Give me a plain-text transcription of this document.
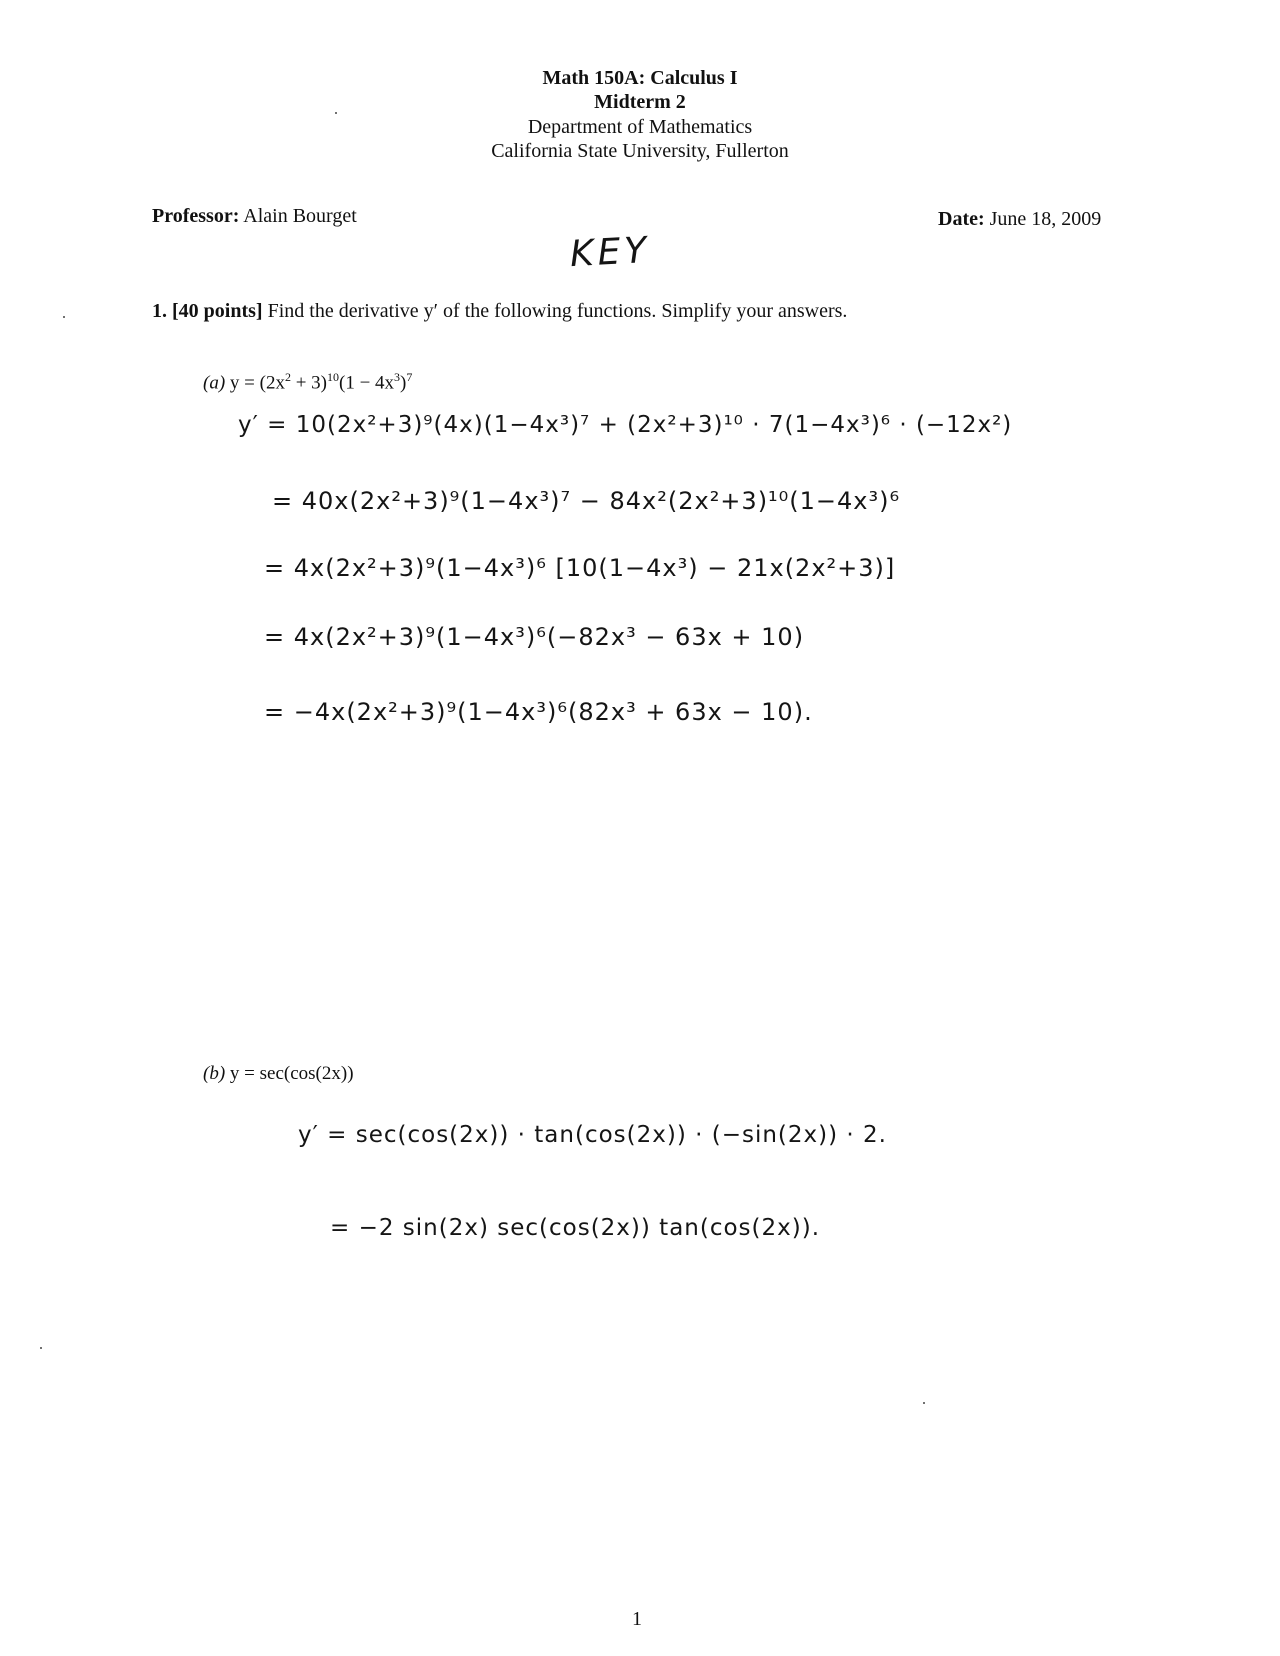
Math 150A: Calculus I
Midterm 2
Department of Mathematics
California State University, Fullerton
Professor: Alain Bourget	Date: June 18, 2009
KEY
1. [40 points] Find the derivative y′ of the following functions. Simplify your answers.
(a) $y = (2x^2 + 3)^{10}(1 - 4x^3)^7$
y′ = 10(2x²+3)⁹(4x)(1−4x³)⁷ + (2x²+3)¹⁰ · 7(1−4x³)⁶ · (−12x²)
= 40x(2x²+3)⁹(1−4x³)⁷ − 84x²(2x²+3)¹⁰(1−4x³)⁶
= 4x(2x²+3)⁹(1−4x³)⁶ [10(1−4x³) − 21x(2x²+3)]
= 4x(2x²+3)⁹(1−4x³)⁶(−82x³ − 63x + 10)
= −4x(2x²+3)⁹(1−4x³)⁶(82x³ + 63x − 10).
(b) y = sec(cos(2x))
y′ = sec(cos(2x)) · tan(cos(2x)) · (−sin(2x)) · 2.
= −2 sin(2x) sec(cos(2x)) tan(cos(2x)).
1
